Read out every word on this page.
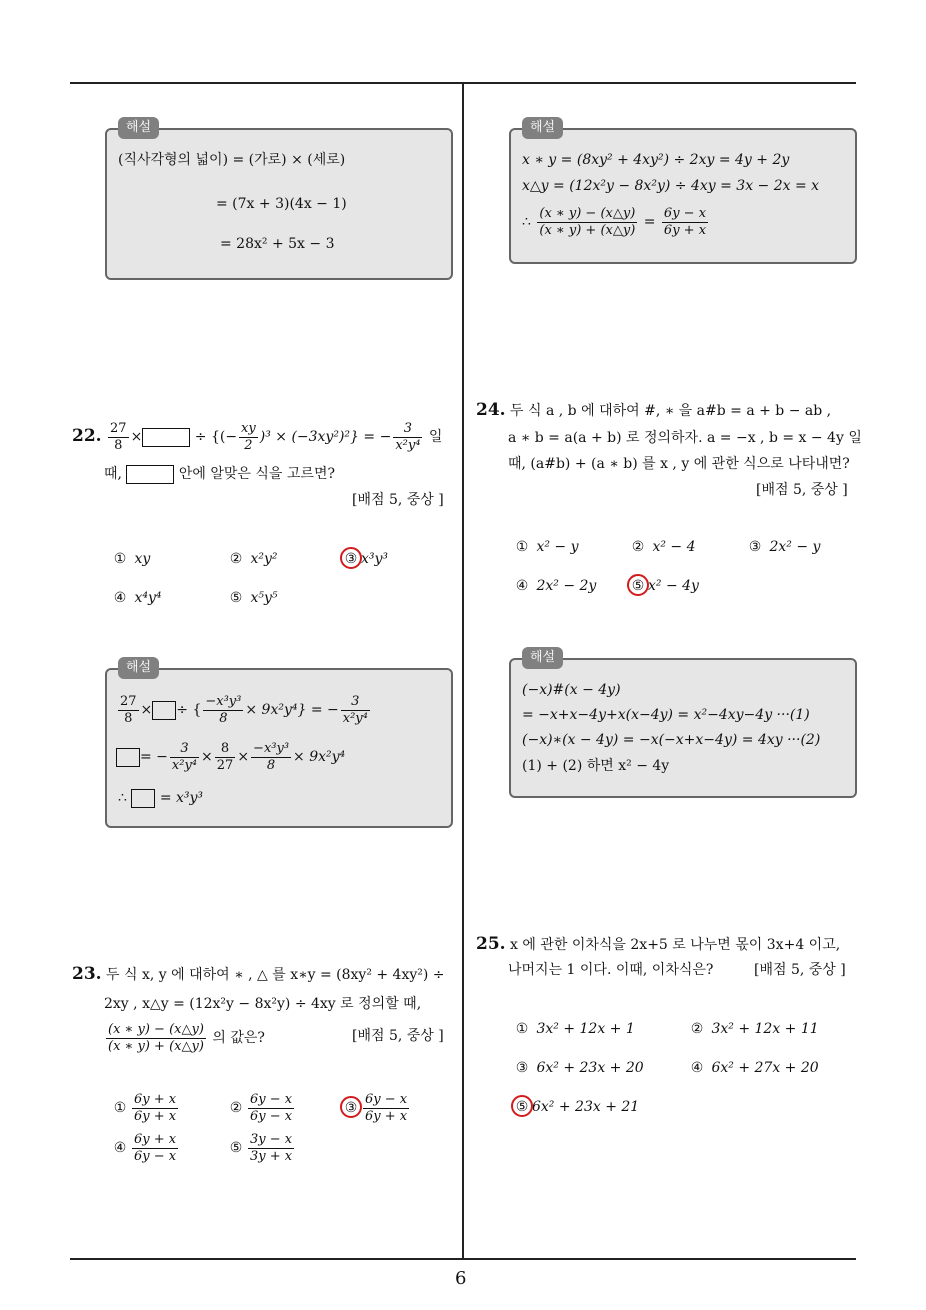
6
해설
(직사각형의 넓이) = (가로) × (세로)
= (7x + 3)(4x − 1)
= 28x² + 5x − 3
22. $\frac{27}{8}$ ×	÷ {(− $\frac{xy}{2} )^3 \times (-3xy^2)^2$} = − $\frac{3}{\text{x²y⁴}}$ 일
때,	안에 알맞은 식을 고르면?
[배점 5, 중상 ]
① xy	② x²y²	③ x³y³
④ x⁴y⁴	⑤ x⁵y⁵
해설
$\frac{27}{8}$ × ÷ { $\frac{\text{−x³y³}}{8} \times 9x^2y^4$} = − $\frac{3}{\text{x²y⁴}}$
= − $\frac{3}{\text{x²y⁴}} \times \frac{8}{27} \times \frac{\text{−x³y³}}{8} \times 9x^2y^4$
∴ = x³y³
23. 두 식 x, y 에 대하여 ∗ , △ 를 x∗y = (8xy² + 4xy²) ÷
2xy , x△y = (12x²y − 8x²y) ÷ 4xy 로 정의할 때,
$\frac{(x ∗ y) - (x\triangle y)}{(x ∗ y) + (x\triangle y)}$ 의 값은?	[배점 5, 중상 ]
① $\frac{6y + x}{6y + x}$	② $\frac{6y - x}{6y - x}$	③ $\frac{6y - x}{6y + x}$
④ $\frac{6y + x}{6y - x}$	⑤ $\frac{3y - x}{3y + x}$
해설
x ∗ y = (8xy² + 4xy²) ÷ 2xy = 4y + 2y
x△y = (12x²y − 8x²y) ÷ 4xy = 3x − 2x = x
∴ $\frac{(x ∗ y) - (x\triangle y)}{(x ∗ y) + (x\triangle y)} = \frac{6y - x}{6y + x}$
24. 두 식 a , b 에 대하여 #, ∗ 을 a#b = a + b − ab ,
a ∗ b = a(a + b) 로 정의하자. a = −x , b = x − 4y 일
때, (a#b) + (a ∗ b) 를 x , y 에 관한 식으로 나타내면?
[배점 5, 중상 ]
① x² − y	② x² − 4	③ 2x² − y
④ 2x² − 2y	⑤ x² − 4y
해설
(−x)#(x − 4y)
= −x+x−4y+x(x−4y) = x²−4xy−4y ···(1)
(−x)∗(x − 4y) = −x(−x+x−4y) = 4xy ···(2)
(1) + (2) 하면 x² − 4y
25. x 에 관한 이차식을 2x+5 로 나누면 몫이 3x+4 이고,
나머지는 1 이다. 이때, 이차식은?	[배점 5, 중상 ]
① 3x² + 12x + 1	② 3x² + 12x + 11
③ 6x² + 23x + 20	④ 6x² + 27x + 20
⑤ 6x² + 23x + 21
